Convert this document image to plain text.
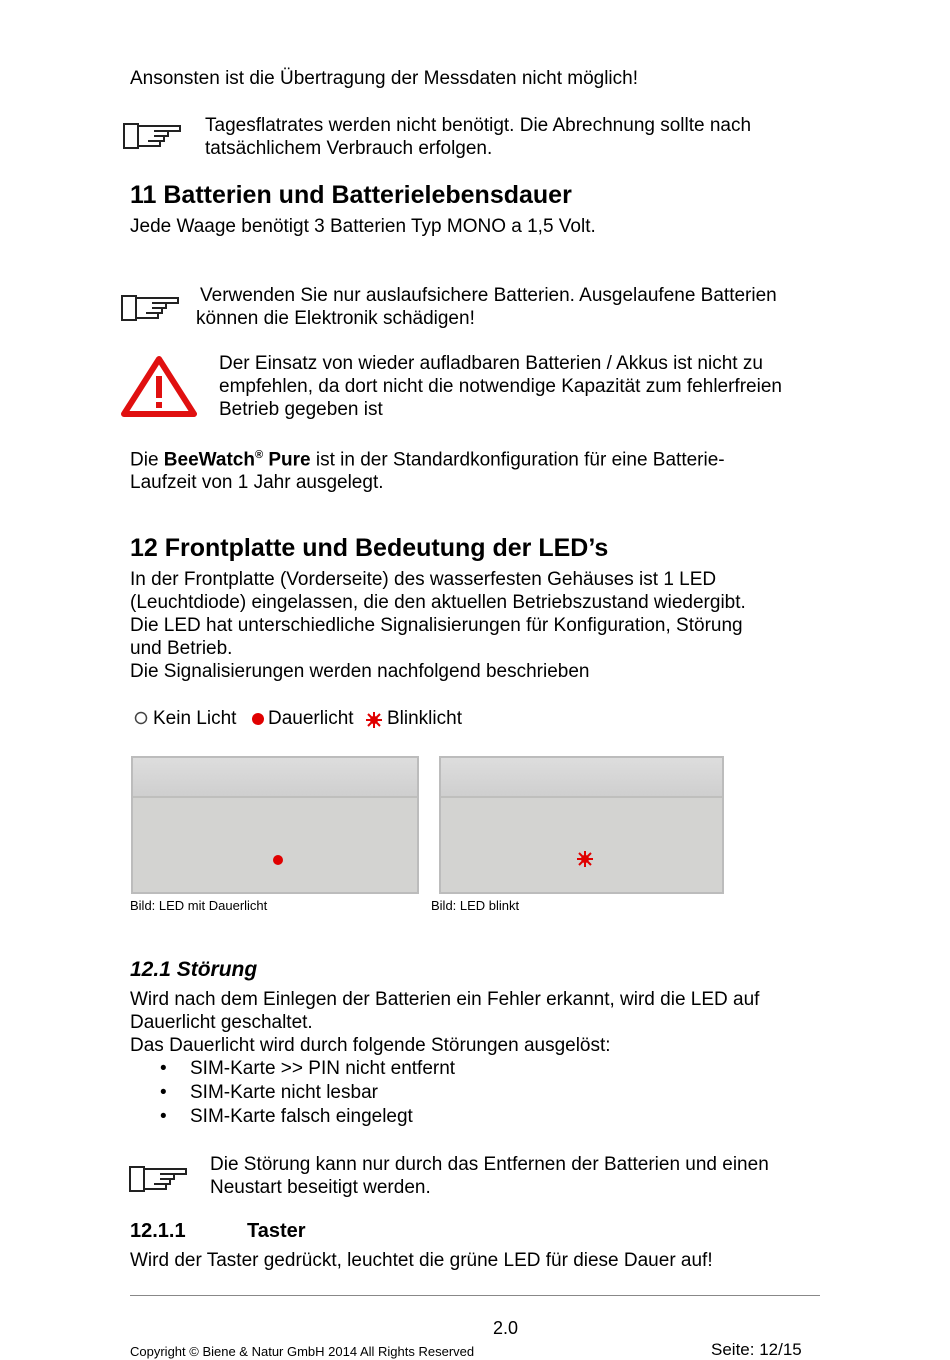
Ansonsten ist die Übertragung der Messdaten nicht möglich!
Tagesflatrates werden nicht benötigt. Die Abrechnung sollte nach
tatsächlichem Verbrauch erfolgen.
11 Batterien und Batterielebensdauer
Jede Waage benötigt 3 Batterien Typ MONO a 1,5 Volt.
Verwenden Sie nur auslaufsichere Batterien. Ausgelaufene Batterien
können die Elektronik schädigen!
Der Einsatz von wieder aufladbaren Batterien / Akkus ist nicht zu
empfehlen, da dort nicht die notwendige Kapazität zum fehlerfreien
Betrieb gegeben ist
Die BeeWatch® Pure ist in der Standardkonfiguration für eine Batterie-
Laufzeit von 1 Jahr ausgelegt.
12 Frontplatte und Bedeutung der LED’s
In der Frontplatte (Vorderseite) des wasserfesten Gehäuses ist 1 LED
(Leuchtdiode) eingelassen, die den aktuellen Betriebszustand wiedergibt.
Die LED hat unterschiedliche Signalisierungen für Konfiguration, Störung
und Betrieb.
Die Signalisierungen werden nachfolgend beschrieben
Kein Licht Dauerlicht Blinklicht
Bild: LED mit Dauerlicht	Bild: LED blinkt
12.1 Störung
Wird nach dem Einlegen der Batterien ein Fehler erkannt, wird die LED auf
Dauerlicht geschaltet.
Das Dauerlicht wird durch folgende Störungen ausgelöst:
• SIM-Karte >> PIN nicht entfernt
• SIM-Karte nicht lesbar
• SIM-Karte falsch eingelegt
Die Störung kann nur durch das Entfernen der Batterien und einen
Neustart beseitigt werden.
12.1.1	Taster
Wird der Taster gedrückt, leuchtet die grüne LED für diese Dauer auf!
2.0
Copyright © Biene & Natur GmbH 2014 All Rights Reserved	Seite: 12/15
